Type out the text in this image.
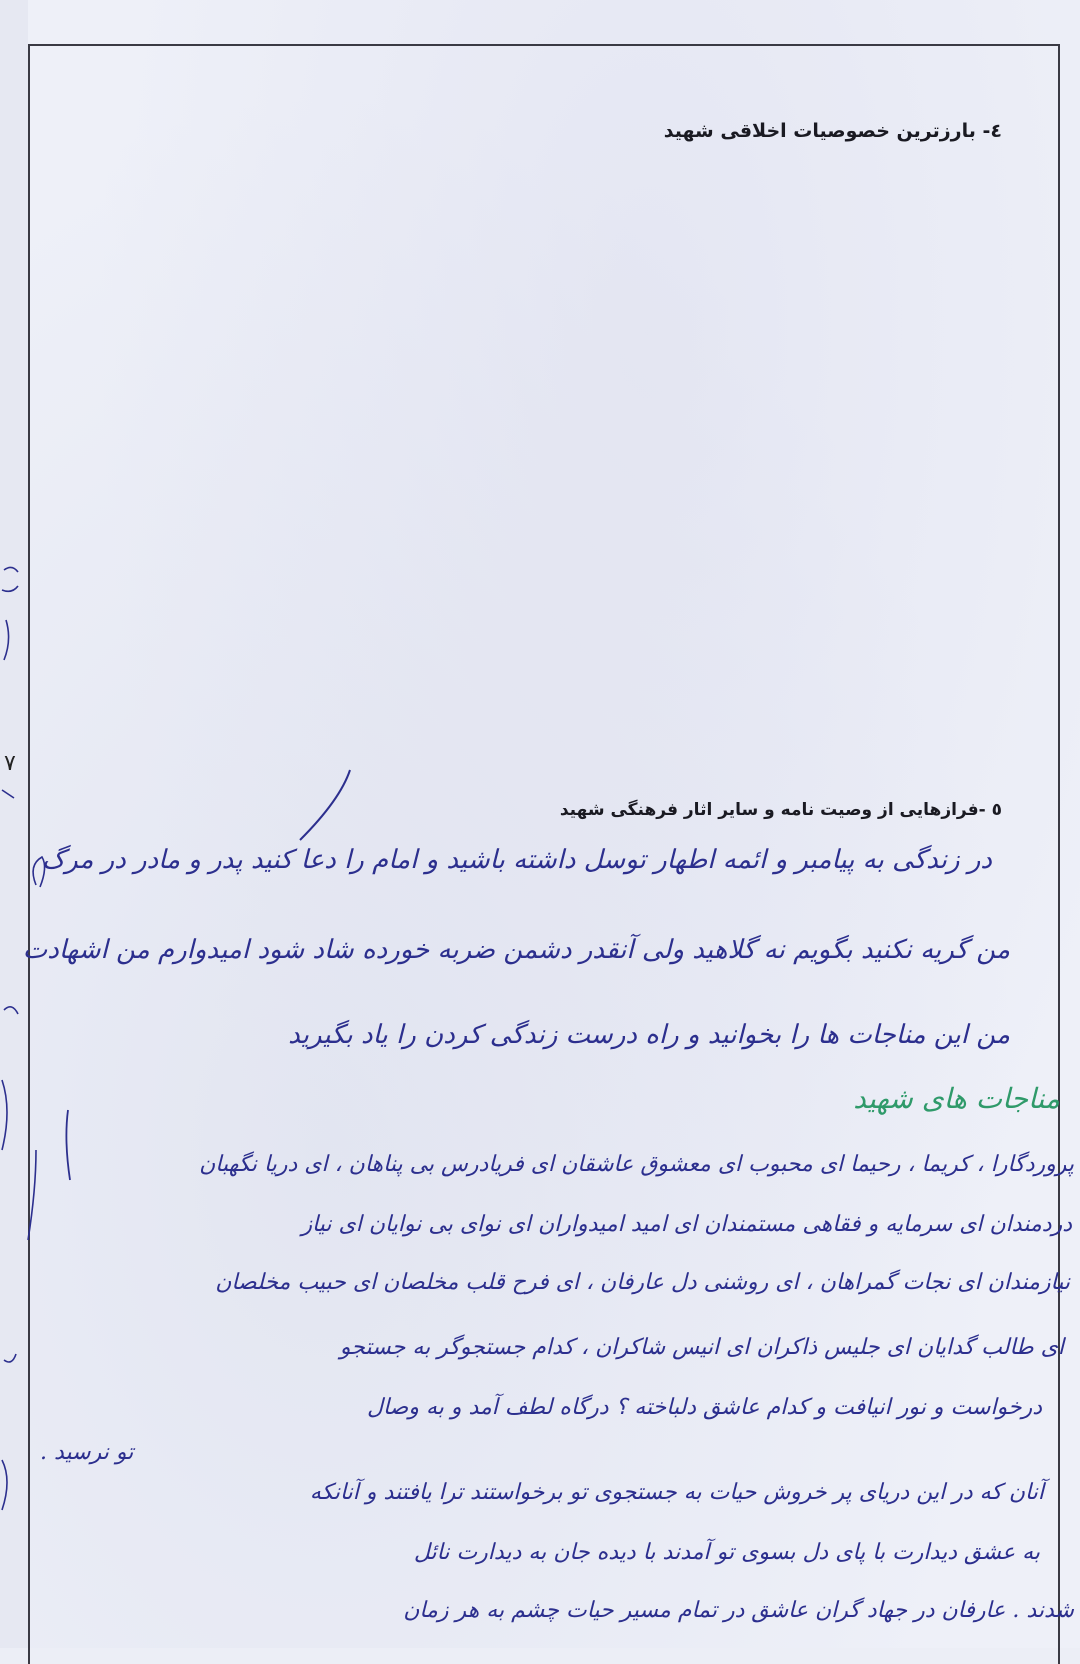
٧
٤- بارزترین خصوصیات اخلاقی شهید
٥ -فرازهایی از وصیت نامه و سایر اثار فرهنگی شهید
در زندگی به پیامبر و ائمه اطهار توسل داشته باشید و امام را دعا کنید پدر و مادر در مرگ
من گریه نکنید بگویم نه گلاهید ولی آنقدر دشمن ضربه خورده شاد شود امیدوارم من اشهادت
من این مناجات ها را بخوانید و راه درست زندگی کردن را یاد بگیرید
مناجات های شهید
پروردگارا ، کریما ، رحیما ای محبوب ای معشوق عاشقان ای فریادرس بی پناهان ، ای دریا نگهبان
دردمندان ای سرمایه و فقاهی مستمندان ای امید امیدواران ای نوای بی نوایان ای نیاز
نیازمندان ای نجات گمراهان ، ای روشنی دل عارفان ، ای فرح قلب مخلصان ای حبیب مخلصان
ای طالب گدایان ای جلیس ذاکران ای انیس شاکران ، کدام جستجوگر به جستجو
درخواست و نور انیافت و کدام عاشق دلباخته ؟ درگاه لطف آمد و به وصال
تو نرسید .
آنان که در این دریای پر خروش حیات به جستجوی تو برخواستند ترا یافتند و آنانکه
به عشق دیدارت با پای دل بسوی تو آمدند با دیده جان به دیدارت نائل
شدند . عارفان در جهاد گران عاشق در تمام مسیر حیات چشم به هر زمان
